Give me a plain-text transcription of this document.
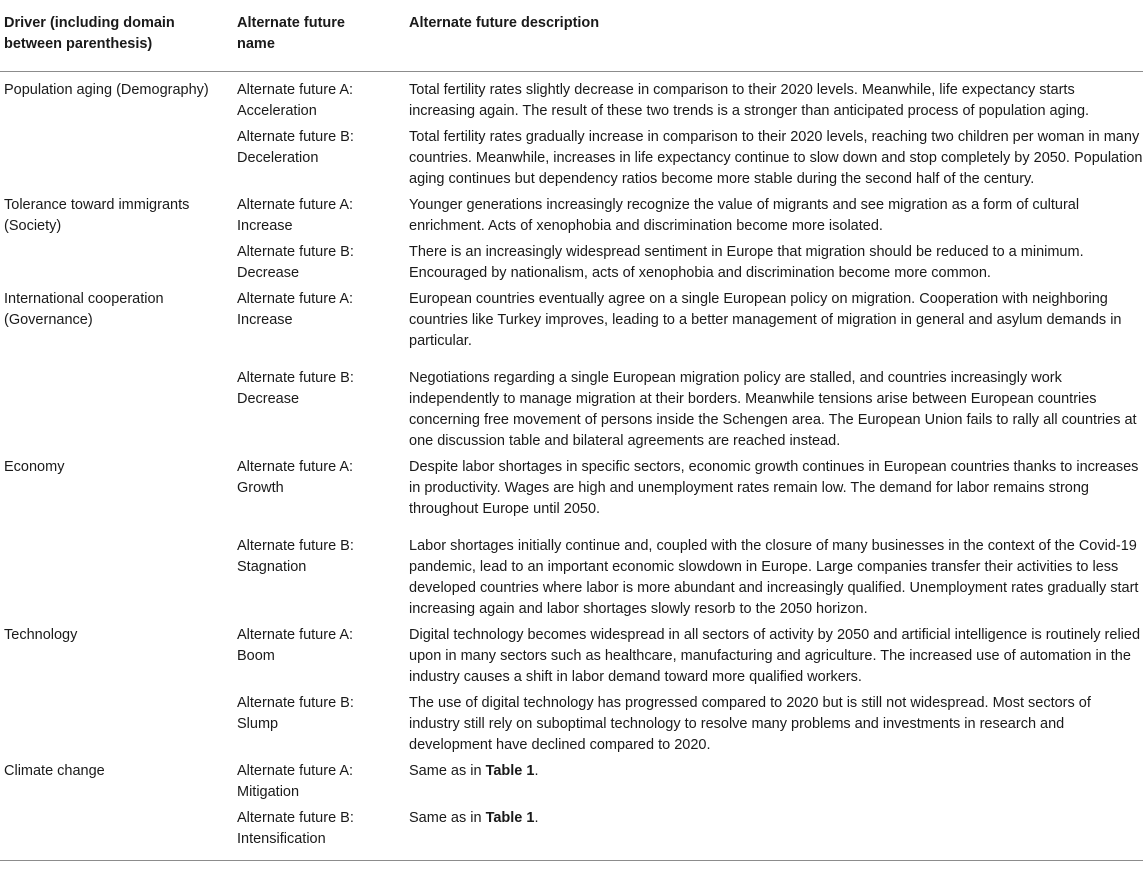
Driver (including domain between parenthesis)	Alternate future name	Alternate future description
Population aging (Demography)	Alternate future A: Acceleration	Total fertility rates slightly decrease in comparison to their 2020 levels. Meanwhile, life expectancy starts increasing again. The result of these two trends is a stronger than anticipated process of population aging.
	Alternate future B: Deceleration	Total fertility rates gradually increase in comparison to their 2020 levels, reaching two children per woman in many countries. Meanwhile, increases in life expectancy continue to slow down and stop completely by 2050. Population aging continues but dependency ratios become more stable during the second half of the century.
Tolerance toward immigrants (Society)	Alternate future A: Increase	Younger generations increasingly recognize the value of migrants and see migration as a form of cultural enrichment. Acts of xenophobia and discrimination become more isolated.
	Alternate future B: Decrease	There is an increasingly widespread sentiment in Europe that migration should be reduced to a minimum. Encouraged by nationalism, acts of xenophobia and discrimination become more common.
International cooperation (Governance)	Alternate future A: Increase	European countries eventually agree on a single European policy on migration. Cooperation with neighboring countries like Turkey improves, leading to a better management of migration in general and asylum demands in particular.
	Alternate future B: Decrease	Negotiations regarding a single European migration policy are stalled, and countries increasingly work independently to manage migration at their borders. Meanwhile tensions arise between European countries concerning free movement of persons inside the Schengen area. The European Union fails to rally all countries at one discussion table and bilateral agreements are reached instead.
Economy	Alternate future A: Growth	Despite labor shortages in specific sectors, economic growth continues in European countries thanks to increases in productivity. Wages are high and unemployment rates remain low. The demand for labor remains strong throughout Europe until 2050.
	Alternate future B: Stagnation	Labor shortages initially continue and, coupled with the closure of many businesses in the context of the Covid-19 pandemic, lead to an important economic slowdown in Europe. Large companies transfer their activities to less developed countries where labor is more abundant and increasingly qualified. Unemployment rates gradually start increasing again and labor shortages slowly resorb to the 2050 horizon.
Technology	Alternate future A: Boom	Digital technology becomes widespread in all sectors of activity by 2050 and artificial intelligence is routinely relied upon in many sectors such as healthcare, manufacturing and agriculture. The increased use of automation in the industry causes a shift in labor demand toward more qualified workers.
	Alternate future B: Slump	The use of digital technology has progressed compared to 2020 but is still not widespread. Most sectors of industry still rely on suboptimal technology to resolve many problems and investments in research and development have declined compared to 2020.
Climate change	Alternate future A: Mitigation	Same as in Table 1.
	Alternate future B: Intensification	Same as in Table 1.
